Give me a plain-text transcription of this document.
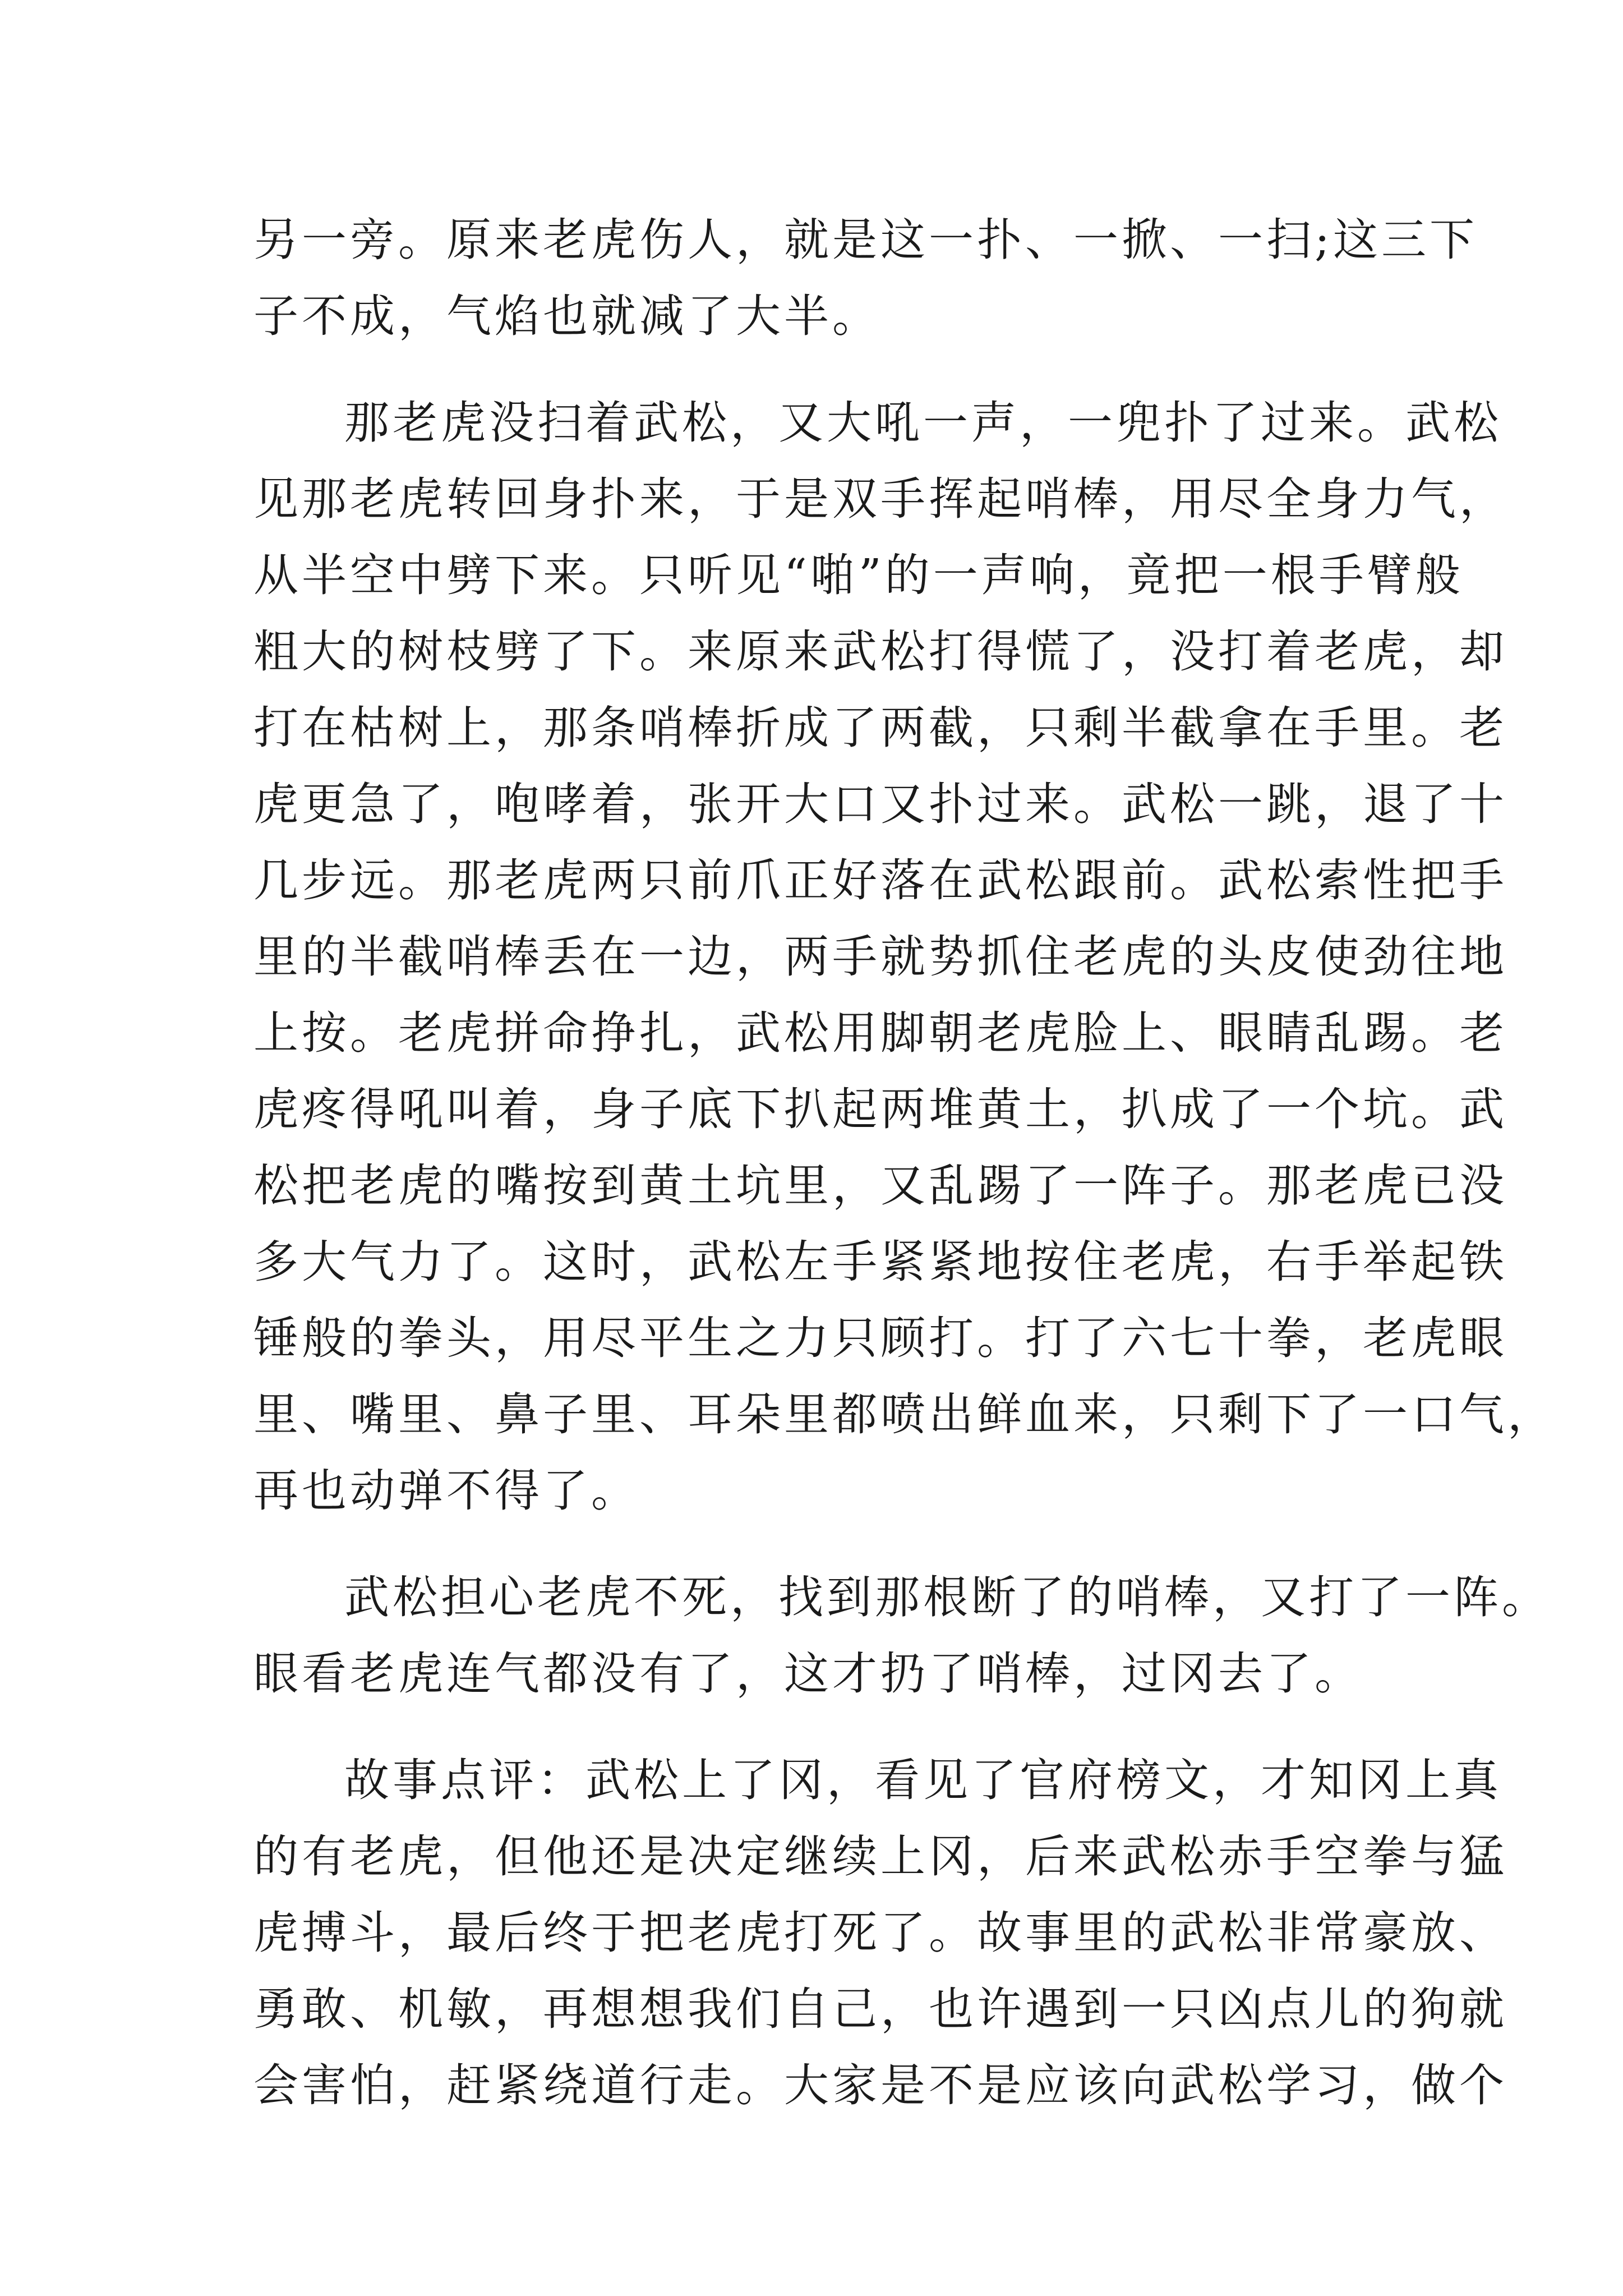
另一旁。原来老虎伤人，就是这一扑、一掀、一扫;这三下
子不成，气焰也就减了大半。
那老虎没扫着武松，又大吼一声，一兜扑了过来。武松
见那老虎转回身扑来，于是双手挥起哨棒，用尽全身力气，
从半空中劈下来。只听见“啪”的一声响，竟把一根手臂般
粗大的树枝劈了下。来原来武松打得慌了，没打着老虎，却
打在枯树上，那条哨棒折成了两截，只剩半截拿在手里。老
虎更急了，咆哮着，张开大口又扑过来。武松一跳，退了十
几步远。那老虎两只前爪正好落在武松跟前。武松索性把手
里的半截哨棒丢在一边，两手就势抓住老虎的头皮使劲往地
上按。老虎拼命挣扎，武松用脚朝老虎脸上、眼睛乱踢。老
虎疼得吼叫着，身子底下扒起两堆黄土，扒成了一个坑。武
松把老虎的嘴按到黄土坑里，又乱踢了一阵子。那老虎已没
多大气力了。这时，武松左手紧紧地按住老虎，右手举起铁
锤般的拳头，用尽平生之力只顾打。打了六七十拳，老虎眼
里、嘴里、鼻子里、耳朵里都喷出鲜血来，只剩下了一口气，
再也动弹不得了。
武松担心老虎不死，找到那根断了的哨棒，又打了一阵。
眼看老虎连气都没有了，这才扔了哨棒，过冈去了。
故事点评：武松上了冈，看见了官府榜文，才知冈上真
的有老虎，但他还是决定继续上冈，后来武松赤手空拳与猛
虎搏斗，最后终于把老虎打死了。故事里的武松非常豪放、
勇敢、机敏，再想想我们自己，也许遇到一只凶点儿的狗就
会害怕，赶紧绕道行走。大家是不是应该向武松学习，做个
